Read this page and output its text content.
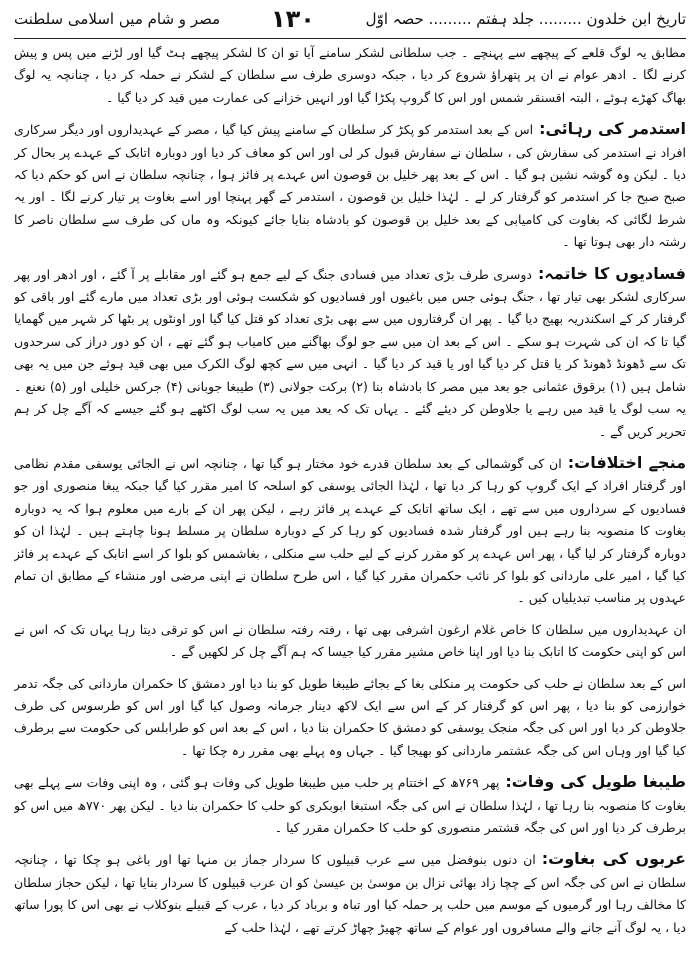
تاریخ ابن خلدون ......... جلد ہفتم ......... حصہ اوّل
۱۳۰
مصر و شام میں اسلامی سلطنت

مطابق یہ لوگ قلعے کے پیچھے سے پہنچے ۔ جب سلطانی لشکر سامنے آیا تو ان کا لشکر پیچھے ہٹ گیا اور لڑنے میں پس و پیش کرنے لگا ۔ ادھر عوام نے ان پر پتھراؤ شروع کر دیا ، جبکہ دوسری طرف سے سلطان کے لشکر نے حملہ کر دیا ، چنانچہ یہ لوگ بھاگ کھڑے ہوئے ، البتہ اقسنقر شمس اور اس کا گروپ پکڑا گیا اور انہیں خزانے کی عمارت میں قید کر دیا گیا ۔

استدمر کی رہائی:اس کے بعد استدمر کو پکڑ کر سلطان کے سامنے پیش کیا گیا ، مصر کے عہدیداروں اور دیگر سرکاری افراد نے استدمر کی سفارش کی ، سلطان نے سفارش قبول کر لی اور اس کو معاف کر دیا اور دوبارہ اتابک کے عہدے پر بحال کر دیا ۔ لیکن وہ گوشہ نشین ہو گیا ۔ اس کے بعد پھر خلیل بن قوصون اس عہدے پر فائز ہوا ، چنانچہ سلطان نے اس کو حکم دیا کہ صبح صبح جا کر استدمر کو گرفتار کر لے ۔ لہٰذا خلیل بن قوصون ، استدمر کے گھر پہنچا اور اسے بغاوت پر تیار کرنے لگا ۔ اور یہ شرط لگائی کہ بغاوت کی کامیابی کے بعد خلیل بن قوصون کو بادشاہ بنایا جائے کیونکہ وہ ماں کی طرف سے سلطان ناصر کا رشتہ دار بھی ہوتا تھا ۔

فسادیوں کا خاتمہ:دوسری طرف بڑی تعداد میں فسادی جنگ کے لیے جمع ہو گئے اور مقابلے پر آ گئے ، اور ادھر اور پھر سرکاری لشکر بھی تیار تھا ، جنگ ہوئی جس میں باغیوں اور فسادیوں کو شکست ہوئی اور بڑی تعداد میں مارے گئے اور باقی کو گرفتار کر کے اسکندریہ بھیج دیا گیا ۔ پھر ان گرفتاروں میں سے بھی بڑی تعداد کو قتل کیا گیا اور اونٹوں پر بٹھا کر شہر میں گھمایا گیا تا کہ ان کی شہرت ہو سکے ۔ اس کے بعد ان میں سے جو لوگ بھاگنے میں کامیاب ہو گئے تھے ، ان کو دور دراز کی سرحدوں تک سے ڈھونڈ ڈھونڈ کر یا قتل کر دیا گیا اور یا قید کر دیا گیا ۔ انہی میں سے کچھ لوگ الکرک میں بھی قید ہوئے جن میں یہ بھی شامل ہیں (۱) برقوق عثمانی جو بعد میں مصر کا بادشاہ بنا (۲) برکت جولانی (۳) طیبغا جوبانی (۴) جرکس خلیلی اور (۵) نعنع ۔ یہ سب لوگ یا قید میں رہے یا جلاوطن کر دیئے گئے ۔ یہاں تک کہ بعد میں یہ سب لوگ اکٹھے ہو گئے جیسے کہ آگے چل کر ہم تحریر کریں گے ۔

منجے اختلافات:ان کی گوشمالی کے بعد سلطان قدرے خود مختار ہو گیا تھا ، چنانچہ اس نے الجائی یوسفی مقدم نظامی اور گرفتار افراد کے ایک گروپ کو رہا کر دیا تھا ، لہٰذا الجائی یوسفی کو اسلحہ کا امیر مقرر کیا گیا جبکہ یبغا منصوری اور جو فسادیوں کے سرداروں میں سے تھے ، ایک ساتھ اتابک کے عہدے پر فائز رہے ، لیکن پھر ان کے بارے میں معلوم ہوا کہ یہ دوبارہ بغاوت کا منصوبہ بنا رہے ہیں اور گرفتار شدہ فسادیوں کو رہا کر کے دوبارہ سلطان پر مسلط ہونا چاہتے ہیں ۔ لہٰذا ان کو دوبارہ گرفتار کر لیا گیا ، پھر اس عہدے پر کو مقرر کرنے کے لیے حلب سے منکلی ، بغاشمس کو بلوا کر اسے اتابک کے عہدے پر فائز کیا گیا ، امیر علی ماردانی کو بلوا کر نائب حکمران مقرر کیا گیا ، اس طرح سلطان نے اپنی مرضی اور منشاء کے مطابق ان تمام عہدوں پر مناسب تبدیلیاں کیں ۔

ان عہدیداروں میں سلطان کا خاص غلام ارغون اشرفی بھی تھا ، رفتہ رفتہ سلطان نے اس کو ترقی دیتا رہا یہاں تک کہ اس نے اس کو اپنی حکومت کا اتابک بنا دیا اور اپنا خاص مشیر مقرر کیا جیسا کہ ہم آگے چل کر لکھیں گے ۔

اس کے بعد سلطان نے حلب کی حکومت پر منکلی بغا کے بجائے طیبغا طویل کو بنا دیا اور دمشق کا حکمران ماردانی کی جگہ تدمر خوارزمی کو بنا دیا ، پھر اس کو گرفتار کر کے اس سے ایک لاکھ دینار جرمانہ وصول کیا گیا اور اس کو طرسوس کی طرف جلاوطن کر دیا اور اس کی جگہ منجک یوسفی کو دمشق کا حکمران بنا دیا ، اس کے بعد اس کو طرابلس کی حکومت سے برطرف کیا گیا اور وہاں اس کی جگہ عشتمر ماردانی کو بھیجا گیا ۔ جہاں وہ پہلے بھی مقرر رہ چکا تھا ۔

طیبغا طویل کی وفات:پھر ۷۶۹ھ کے اختتام پر حلب میں طیبغا طویل کی وفات ہو گئی ، وہ اپنی وفات سے پہلے بھی بغاوت کا منصوبہ بنا رہا تھا ، لہٰذا سلطان نے اس کی جگہ استبغا ابوبکری کو حلب کا حکمران بنا دیا ۔ لیکن پھر ۷۷۰ھ میں اس کو برطرف کر دیا اور اس کی جگہ قشتمر منصوری کو حلب کا حکمران مقرر کیا ۔

عربوں کی بغاوت:ان دنوں بنوفضل میں سے عرب قبیلوں کا سردار جماز بن منہا تھا اور باغی ہو چکا تھا ، چنانچہ سلطان نے اس کی جگہ اس کے چچا زاد بھائی نزال بن موسیٰ بن عیسیٰ کو ان عرب قبیلوں کا سردار بنایا تھا ، لیکن حجاز سلطان کا مخالف رہا اور گرمیوں کے موسم میں حلب پر حملہ کیا اور تباہ و برباد کر دیا ، عرب کے قبیلے بنوکلاب نے بھی اس کا پورا ساتھ دیا ، یہ لوگ آنے جانے والے مسافروں اور عوام کے ساتھ چھیڑ چھاڑ کرتے تھے ، لہٰذا حلب کے
